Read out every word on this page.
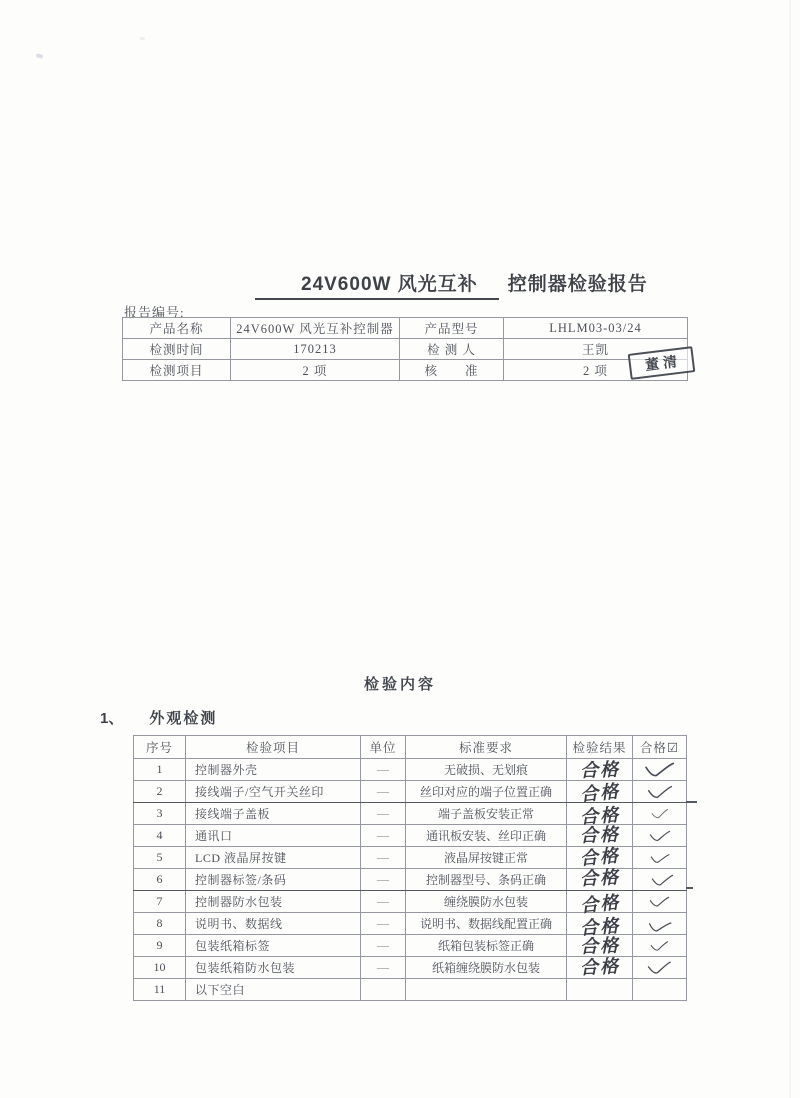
24V600W 风光互补	控制器检验报告
报告编号:
产品名称	24V600W 风光互补控制器	产品型号	LHLM03-03/24
检测时间	170213	检 测 人	王凯
检测项目	2 项	核　　准	2 项	董清
检验内容
1、 外观检测
序号	检验项目	单位	标准要求	检验结果	合格☑
1	控制器外壳	—	无破损、无划痕	合格	
2	接线端子/空气开关丝印	—	丝印对应的端子位置正确	合格	
3	接线端子盖板	—	端子盖板安装正常	合格	
4	通讯口	—	通讯板安装、丝印正确	合格	
5	LCD 液晶屏按键	—	液晶屏按键正常	合格	
6	控制器标签/条码	—	控制器型号、条码正确	合格	
7	控制器防水包装	—	缠绕膜防水包装	合格	
8	说明书、数据线	—	说明书、数据线配置正确	合格	
9	包装纸箱标签	—	纸箱包装标签正确	合格	
10	包装纸箱防水包装	—	纸箱缠绕膜防水包装	合格	
11	以下空白				
